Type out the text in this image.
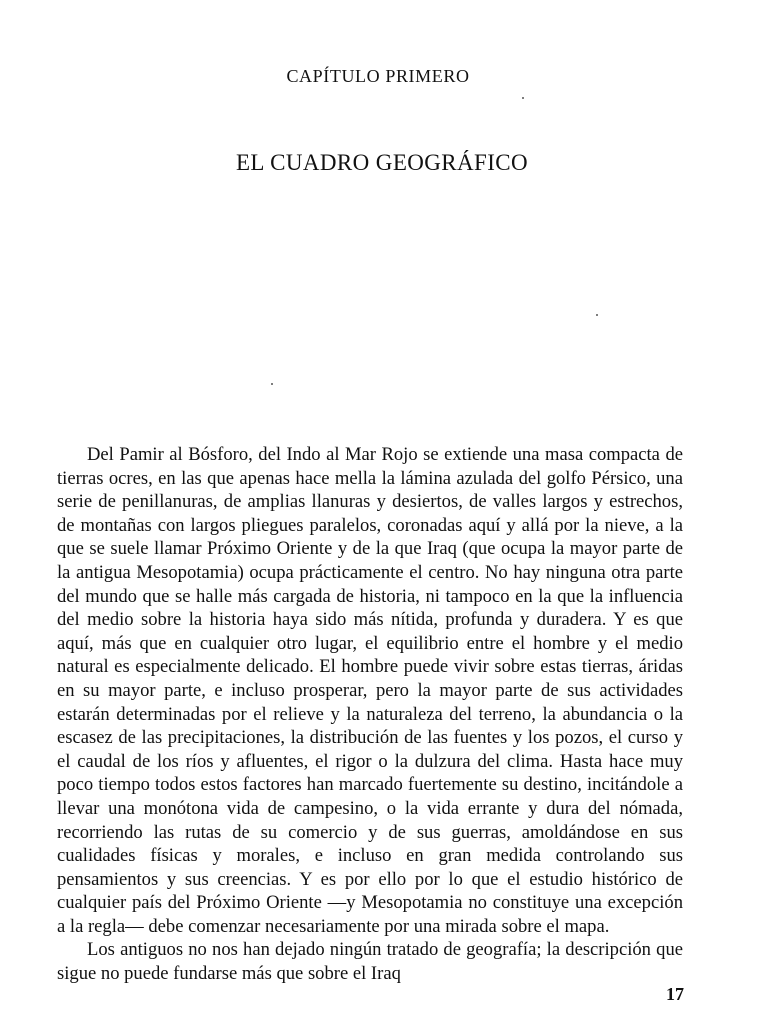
CAPÍTULO PRIMERO
EL CUADRO GEOGRÁFICO

Del Pamir al Bósforo, del Indo al Mar Rojo se extiende una masa compacta de tierras ocres, en las que apenas hace mella la lámina azulada del golfo Pérsico, una serie de penillanuras, de amplias llanuras y desiertos, de valles largos y estrechos, de montañas con largos pliegues paralelos, coronadas aquí y allá por la nieve, a la que se suele llamar Próximo Oriente y de la que Iraq (que ocupa la mayor parte de la antigua Mesopotamia) ocupa prácticamente el centro. No hay ninguna otra parte del mundo que se halle más cargada de historia, ni tampoco en la que la influencia del medio sobre la historia haya sido más nítida, profunda y duradera. Y es que aquí, más que en cualquier otro lugar, el equilibrio entre el hombre y el medio natural es especialmente delicado. El hombre puede vivir sobre estas tierras, áridas en su mayor parte, e incluso prosperar, pero la mayor parte de sus actividades estarán determinadas por el relieve y la naturaleza del terreno, la abundancia o la escasez de las precipitaciones, la distribución de las fuentes y los pozos, el curso y el caudal de los ríos y afluentes, el rigor o la dulzura del clima. Hasta hace muy poco tiempo todos estos factores han marcado fuertemente su destino, incitándole a llevar una monótona vida de campesino, o la vida errante y dura del nómada, recorriendo las rutas de su comercio y de sus guerras, amoldándose en sus cualidades físicas y morales, e incluso en gran medida controlando sus pensamientos y sus creencias. Y es por ello por lo que el estudio histórico de cualquier país del Próximo Oriente —y Mesopotamia no constituye una excepción a la regla— debe comenzar necesariamente por una mirada sobre el mapa.

Los antiguos no nos han dejado ningún tratado de geografía; la descripción que sigue no puede fundarse más que sobre el Iraq

17
